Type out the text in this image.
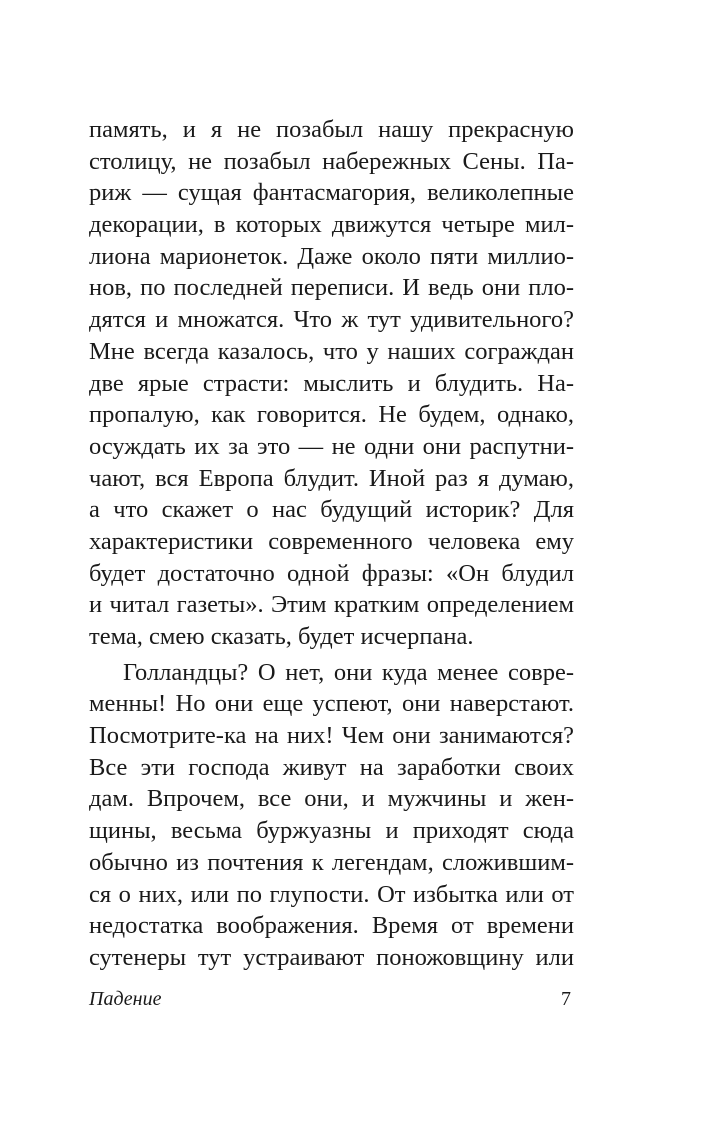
память, и я не позабыл нашу прекрасную
столицу, не позабыл набережных Сены. Па-
риж — сущая фантасмагория, великолепные
декорации, в которых движутся четыре мил-
лиона марионеток. Даже около пяти миллио-
нов, по последней переписи. И ведь они пло-
дятся и множатся. Что ж тут удивительного?
Мне всегда казалось, что у наших сограждан
две ярые страсти: мыслить и блудить. На-
пропалую, как говорится. Не будем, однако,
осуждать их за это — не одни они распутни-
чают, вся Европа блудит. Иной раз я думаю,
а что скажет о нас будущий историк? Для
характеристики современного человека ему
будет достаточно одной фразы: «Он блудил
и читал газеты». Этим кратким определением
тема, смею сказать, будет исчерпана.
Голландцы? О нет, они куда менее совре-
менны! Но они еще успеют, они наверстают.
Посмотрите-ка на них! Чем они занимаются?
Все эти господа живут на заработки своих
дам. Впрочем, все они, и мужчины и жен-
щины, весьма буржуазны и приходят сюда
обычно из почтения к легендам, сложившим-
ся о них, или по глупости. От избытка или от
недостатка воображения. Время от времени
сутенеры тут устраивают поножовщину или
Падение	7
